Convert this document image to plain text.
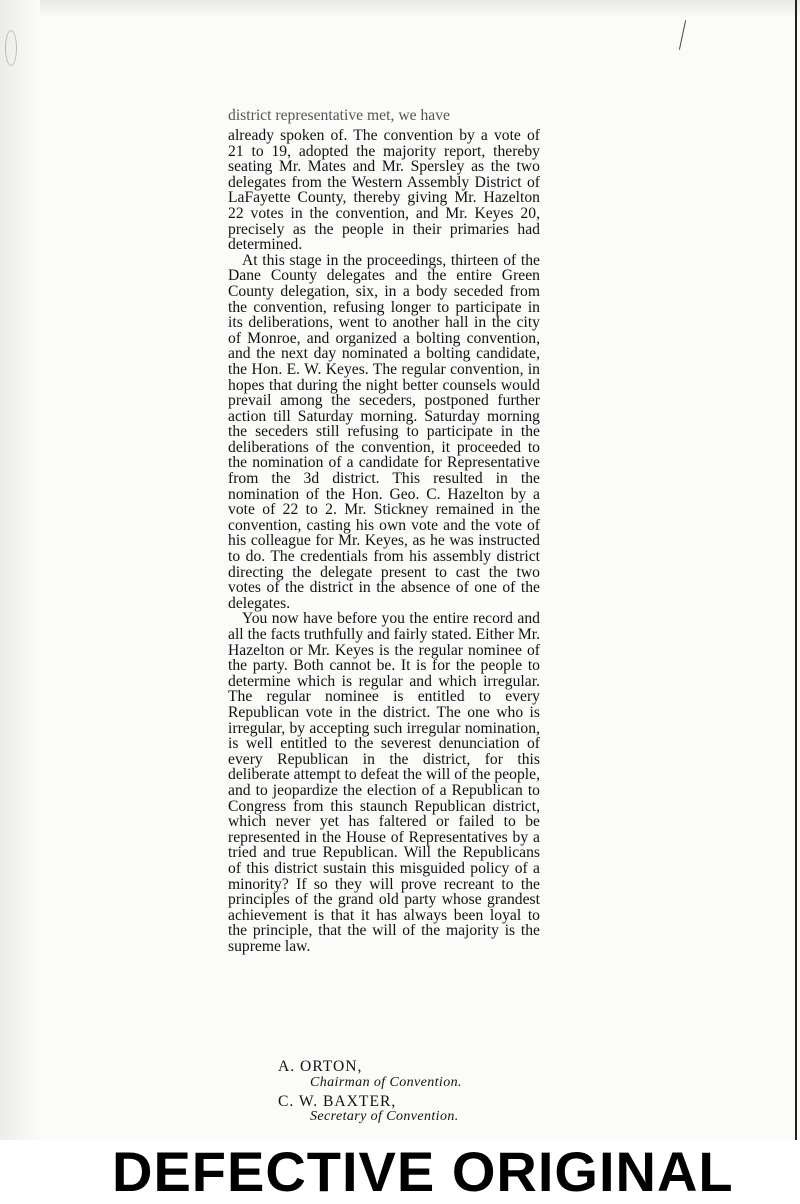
district representative met, we have

already spoken of. The convention by a vote of 21 to 19, adopted the majority report, thereby seating Mr. Mates and Mr. Spersley as the two delegates from the Western Assembly District of LaFayette County, thereby giving Mr. Hazelton 22 votes in the convention, and Mr. Keyes 20, precisely as the people in their primaries had determined.

At this stage in the proceedings, thirteen of the Dane County delegates and the entire Green County delegation, six, in a body seceded from the convention, refusing longer to participate in its deliberations, went to another hall in the city of Monroe, and organized a bolting convention, and the next day nominated a bolting candidate, the Hon. E. W. Keyes. The regular convention, in hopes that during the night better counsels would prevail among the seceders, postponed further action till Saturday morning. Saturday morning the seceders still refusing to participate in the deliberations of the convention, it proceeded to the nomination of a candidate for Representative from the 3d district. This resulted in the nomination of the Hon. Geo. C. Hazelton by a vote of 22 to 2. Mr. Stickney remained in the convention, casting his own vote and the vote of his colleague for Mr. Keyes, as he was instructed to do. The credentials from his assembly district directing the delegate present to cast the two votes of the district in the absence of one of the delegates.

You now have before you the entire record and all the facts truthfully and fairly stated. Either Mr. Hazelton or Mr. Keyes is the regular nominee of the party. Both cannot be. It is for the people to determine which is regular and which irregular. The regular nominee is entitled to every Republican vote in the district. The one who is irregular, by accepting such irregular nomination, is well entitled to the severest denunciation of every Republican in the district, for this deliberate attempt to defeat the will of the people, and to jeopardize the election of a Republican to Congress from this staunch Republican district, which never yet has faltered or failed to be represented in the House of Representatives by a tried and true Republican. Will the Republicans of this district sustain this misguided policy of a minority? If so they will prove recreant to the principles of the grand old party whose grandest achievement is that it has always been loyal to the principle, that the will of the majority is the supreme law.

A. ORTON,
Chairman of Convention.
C. W. BAXTER,
Secretary of Convention.
DEFECTIVE ORIGINAL
